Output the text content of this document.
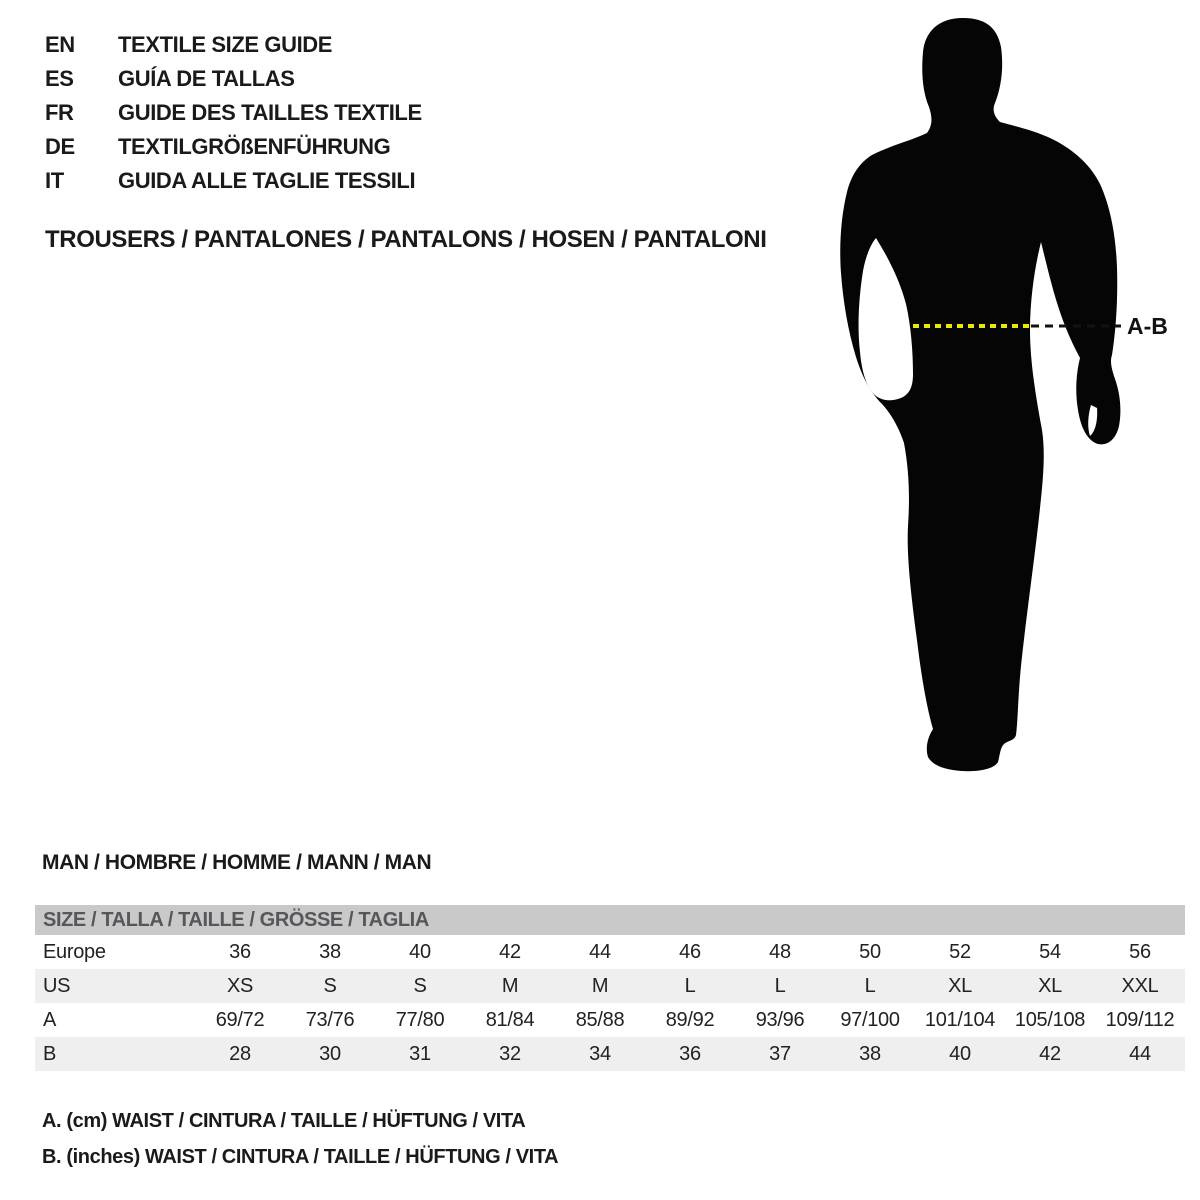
EN	TEXTILE SIZE GUIDE
ES	GUÍA DE TALLAS
FR	GUIDE DES TAILLES TEXTILE
DE	TEXTILGRÖßENFÜHRUNG
IT	GUIDA ALLE TAGLIE TESSILI
TROUSERS / PANTALONES / PANTALONS / HOSEN / PANTALONI
A-B
MAN / HOMBRE / HOMME / MANN / MAN
SIZE / TALLA / TAILLE / GRÖSSE / TAGLIA
Europe	36	38	40	42	44	46	48	50	52	54	56
US	XS	S	S	M	M	L	L	L	XL	XL	XXL
A	69/72	73/76	77/80	81/84	85/88	89/92	93/96	97/100	101/104 105/108	109/112
B	28	30	31	32	34	36	37	38	40	42	44
A. (cm) WAIST / CINTURA / TAILLE / HÜFTUNG / VITA
B. (inches) WAIST / CINTURA / TAILLE / HÜFTUNG / VITA
